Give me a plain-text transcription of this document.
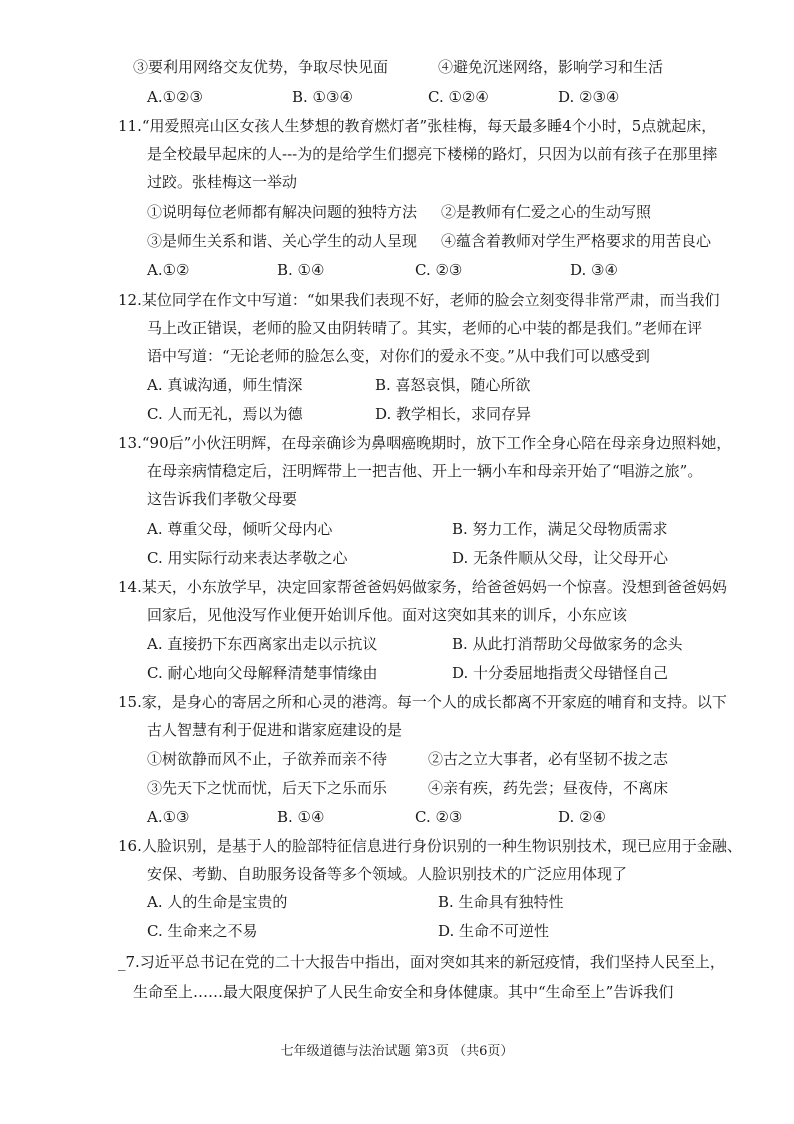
③要利用网络交友优势，争取尽快见面	④避免沉迷网络，影响学习和生活
A.①②③	B. ①③④	C. ①②④	D. ②③④
11.“用爱照亮山区女孩人生梦想的教育燃灯者”张桂梅，每天最多睡4个小时，5点就起床，
是全校最早起床的人---为的是给学生们摁亮下楼梯的路灯，只因为以前有孩子在那里摔
过跤。张桂梅这一举动
①说明每位老师都有解决问题的独特方法 ②是教师有仁爱之心的生动写照
③是师生关系和谐、关心学生的动人呈现 ④蕴含着教师对学生严格要求的用苦良心
A.①②	B. ①④	C. ②③	D. ③④
12.某位同学在作文中写道：“如果我们表现不好，老师的脸会立刻变得非常严肃，而当我们
马上改正错误，老师的脸又由阴转晴了。其实，老师的心中装的都是我们。”老师在评
语中写道：“无论老师的脸怎么变，对你们的爱永不变。”从中我们可以感受到
A. 真诚沟通，师生情深	B. 喜怒哀惧，随心所欲
C. 人而无礼，焉以为德	D. 教学相长，求同存异
13.“90后”小伙汪明辉，在母亲确诊为鼻咽癌晚期时，放下工作全身心陪在母亲身边照料她，
在母亲病情稳定后，汪明辉带上一把吉他、开上一辆小车和母亲开始了“唱游之旅”。
这告诉我们孝敬父母要
A. 尊重父母，倾听父母内心	B. 努力工作，满足父母物质需求
C. 用实际行动来表达孝敬之心	D. 无条件顺从父母，让父母开心
14.某天，小东放学早，决定回家帮爸爸妈妈做家务，给爸爸妈妈一个惊喜。没想到爸爸妈妈
回家后，见他没写作业便开始训斥他。面对这突如其来的训斥，小东应该
A. 直接扔下东西离家出走以示抗议	B. 从此打消帮助父母做家务的念头
C. 耐心地向父母解释清楚事情缘由	D. 十分委屈地指责父母错怪自己
15.家，是身心的寄居之所和心灵的港湾。每一个人的成长都离不开家庭的哺育和支持。以下
古人智慧有利于促进和谐家庭建设的是
①树欲静而风不止，子欲养而亲不待	②古之立大事者，必有坚韧不拔之志
③先天下之忧而忧，后天下之乐而乐	④亲有疾，药先尝；昼夜侍，不离床
A.①③	B. ①④	C. ②③	D. ②④
16.人脸识别，是基于人的脸部特征信息进行身份识别的一种生物识别技术，现已应用于金融、
安保、考勤、自助服务设备等多个领域。人脸识别技术的广泛应用体现了
A. 人的生命是宝贵的	B. 生命具有独特性
C. 生命来之不易	D. 生命不可逆性
_7.习近平总书记在党的二十大报告中指出，面对突如其来的新冠疫情，我们坚持人民至上，
生命至上……最大限度保护了人民生命安全和身体健康。其中“生命至上”告诉我们
七年级道德与法治试题 第3页 （共6页）
